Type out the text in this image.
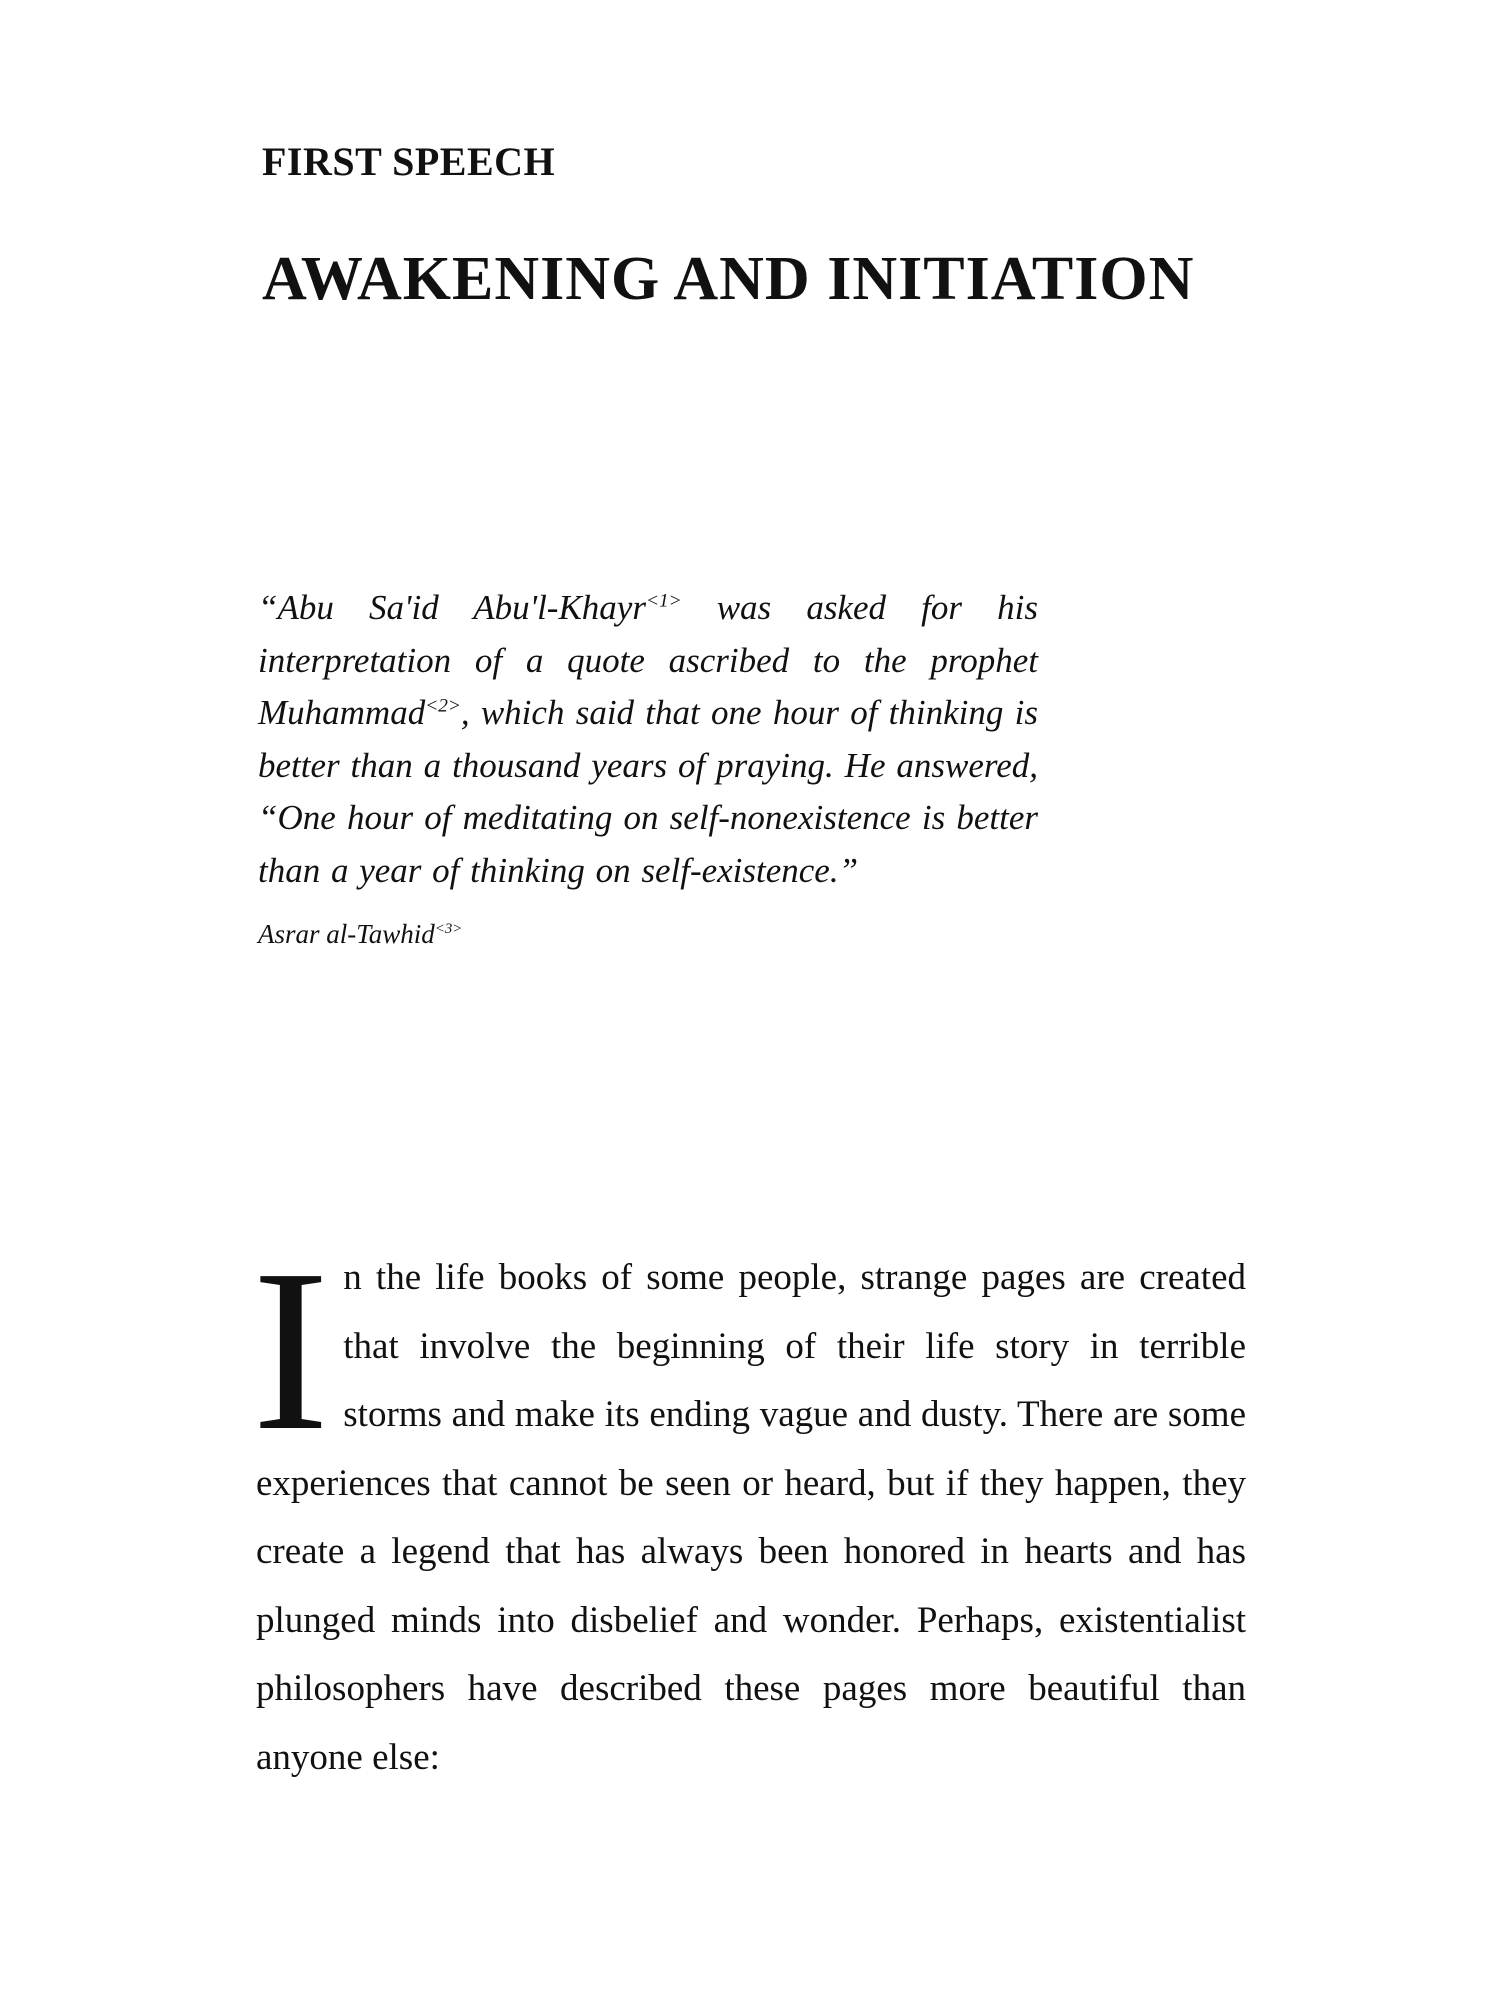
FIRST SPEECH
AWAKENING AND INITIATION

“Abu Sa'id Abu'l-Khayr$^{<1>}$ was asked for his interpretation of a quote ascribed to the prophet Muhammad$^{<2>}$, which said that one hour of thinking is better than a thousand years of praying. He answered, “One hour of meditating on self-nonexistence is better than a year of thinking on self-existence.”

Asrar al-Tawhid$^{<3>}$

In the life books of some people, strange pages are created that involve the beginning of their life story in terrible storms and make its ending vague and dusty. There are some experiences that cannot be seen or heard, but if they happen, they create a legend that has always been honored in hearts and has plunged minds into disbelief and wonder. Perhaps, existentialist philosophers have described these pages more beautiful than anyone else:
